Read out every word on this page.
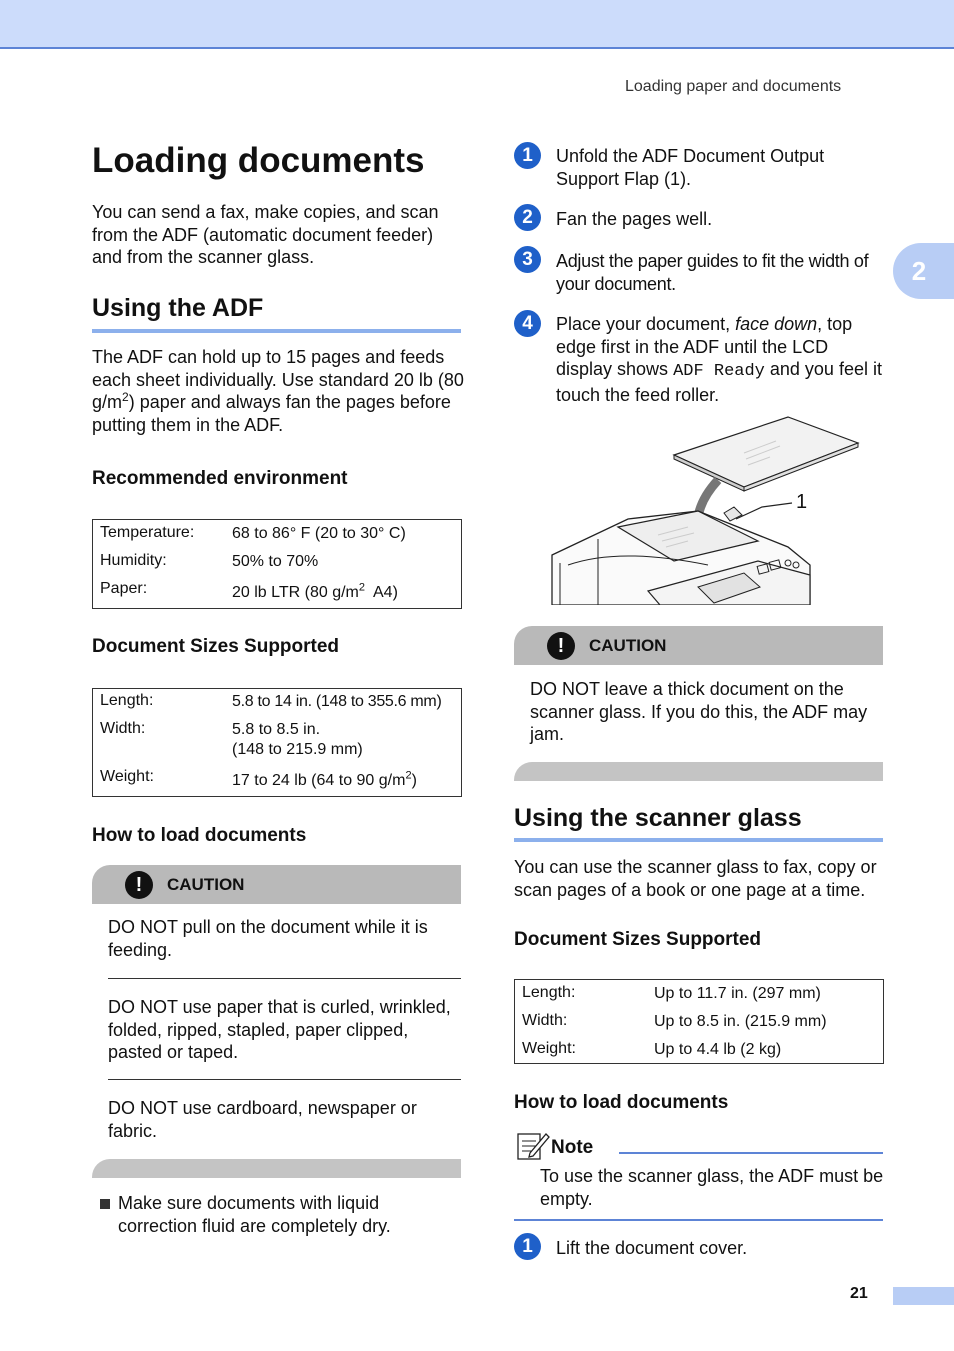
Loading paper and documents
2
21
Loading documents
You can send a fax, make copies, and scan from the ADF (automatic document feeder) and from the scanner glass.
Using the ADF
The ADF can hold up to 15 pages and feeds each sheet individually. Use standard 20 lb (80 $g/m^2$) paper and always fan the pages before putting them in the ADF.
Recommended environment
Temperature: 68 to 86° F (20 to 30° C)
Humidity:	50% to 70%
Paper:	20 lb LTR (80 $g/m^2$  A4)
Document Sizes Supported
Length:	5.8 to 14 in. (148 to 355.6 mm)
Width:	5.8 to 8.5 in.
(148 to 215.9 mm)
Weight:	17 to 24 lb (64 to 90 $g/m^2$)
How to load documents
!	CAUTION
DO NOT pull on the document while it is feeding.
DO NOT use paper that is curled, wrinkled, folded, ripped, stapled, paper clipped, pasted or taped.
DO NOT use cardboard, newspaper or fabric.
Make sure documents with liquid correction fluid are completely dry.
1	Unfold the ADF Document Output Support Flap (1).
2	Fan the pages well.
3	Adjust the paper guides to fit the width of your document.
4	Place your document, face down, top edge first in the ADF until the LCD display shows ADF Ready and you feel it touch the feed roller.
1
!	CAUTION
DO NOT leave a thick document on the scanner glass. If you do this, the ADF may jam.
Using the scanner glass
You can use the scanner glass to fax, copy or scan pages of a book or one page at a time.
Document Sizes Supported
Length:	Up to 11.7 in. (297 mm)
Width:	Up to 8.5 in. (215.9 mm)
Weight:	Up to 4.4 lb (2 kg)
How to load documents
Note
To use the scanner glass, the ADF must be empty.
1	Lift the document cover.
